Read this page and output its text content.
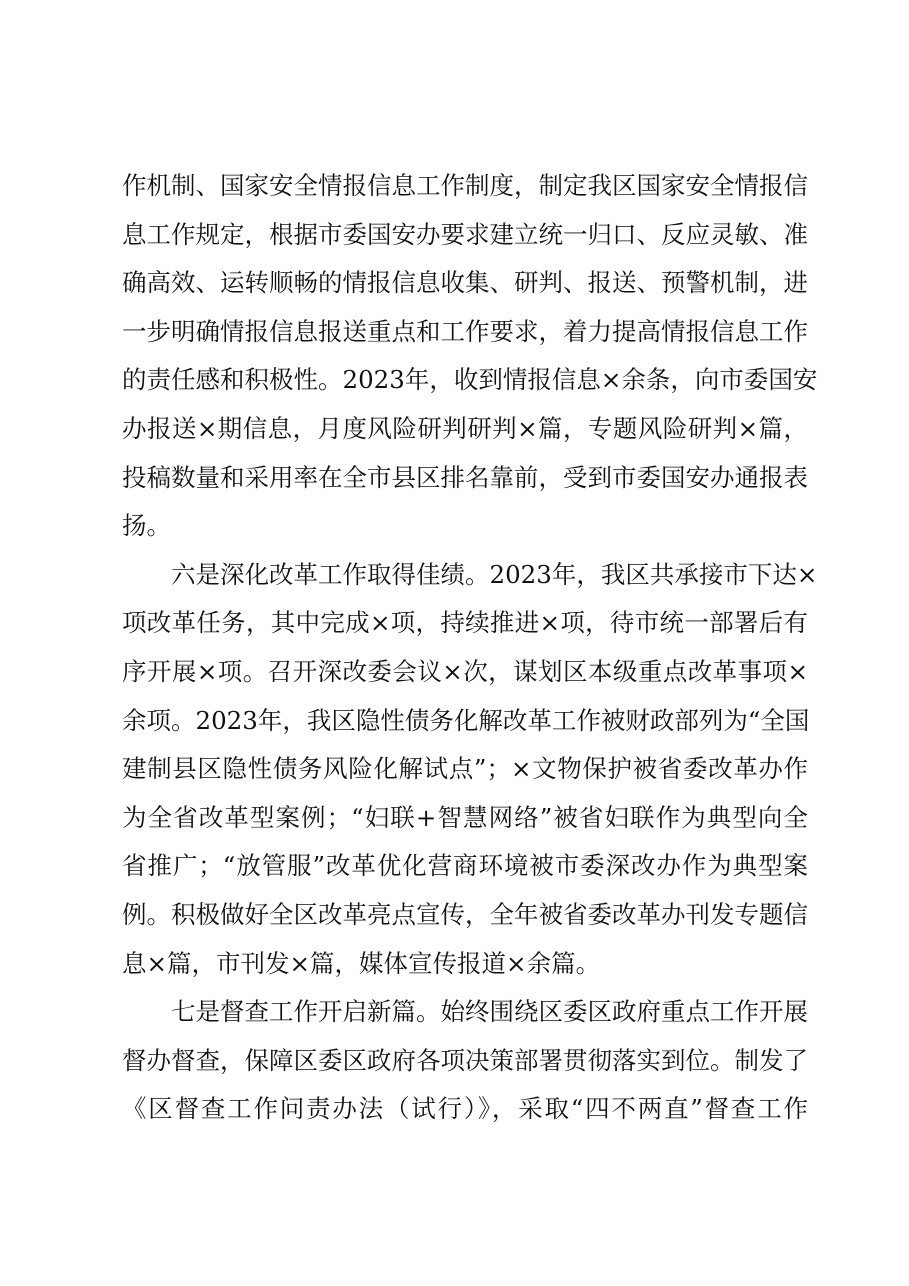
作机制、国家安全情报信息工作制度，制定我区国家安全情报信
息工作规定，根据市委国安办要求建立统一归口、反应灵敏、准
确高效、运转顺畅的情报信息收集、研判、报送、预警机制，进
一步明确情报信息报送重点和工作要求，着力提高情报信息工作
的责任感和积极性。2023年，收到情报信息×余条，向市委国安
办报送×期信息，月度风险研判研判×篇，专题风险研判×篇，
投稿数量和采用率在全市县区排名靠前，受到市委国安办通报表
扬。
六是深化改革工作取得佳绩。2023年，我区共承接市下达×
项改革任务，其中完成×项，持续推进×项，待市统一部署后有
序开展×项。召开深改委会议×次，谋划区本级重点改革事项×
余项。2023年，我区隐性债务化解改革工作被财政部列为“全国
建制县区隐性债务风险化解试点”；×文物保护被省委改革办作
为全省改革型案例；“妇联+智慧网络”被省妇联作为典型向全
省推广；“放管服”改革优化营商环境被市委深改办作为典型案
例。积极做好全区改革亮点宣传，全年被省委改革办刊发专题信
息×篇，市刊发×篇，媒体宣传报道×余篇。
七是督查工作开启新篇。始终围绕区委区政府重点工作开展
督办督查，保障区委区政府各项决策部署贯彻落实到位。制发了
《区督查工作问责办法（试行）》，采取“四不两直”督查工作
